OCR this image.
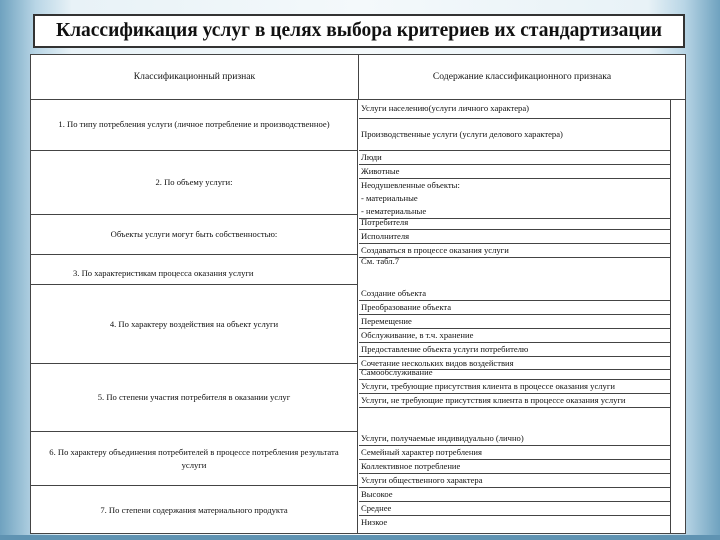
Классификация услуг в целях выбора критериев их стандартизации
Классификационный признак	Содержание классификационного признака
1. По типу потребления услуги (личное потребление и производственное)
Услуги населению(услуги личного характера)
Производственные услуги (услуги делового характера)
2. По объему услуги:
Люди
Животные
Неодушевленные объекты:
- материальные
- нематериальные
Объекты услуги могут быть собственностью:
Потребителя
Исполнителя
Создаваться в процессе оказания услуги
3. По характеристикам процесса оказания услуги
См. табл.7
4. По характеру воздействия на объект услуги
Создание объекта
Преобразование объекта
Перемещение
Обслуживание, в т.ч. хранение
Предоставление объекта услуги потребителю
Сочетание нескольких видов воздействия
5. По степени участия потребителя в оказании услуг
Самообслуживание
Услуги, требующие присутствия клиента в процессе оказания услуги
Услуги, не требующие присутствия клиента в процессе оказания услуги
6. По характеру объединения потребителей в процессе потребления результата услуги
Услуги, получаемые индивидуально (лично)
Семейный характер потребления
Коллективное потребление
Услуги общественного характера
7. По степени содержания материального продукта
Высокое
Среднее
Низкое
